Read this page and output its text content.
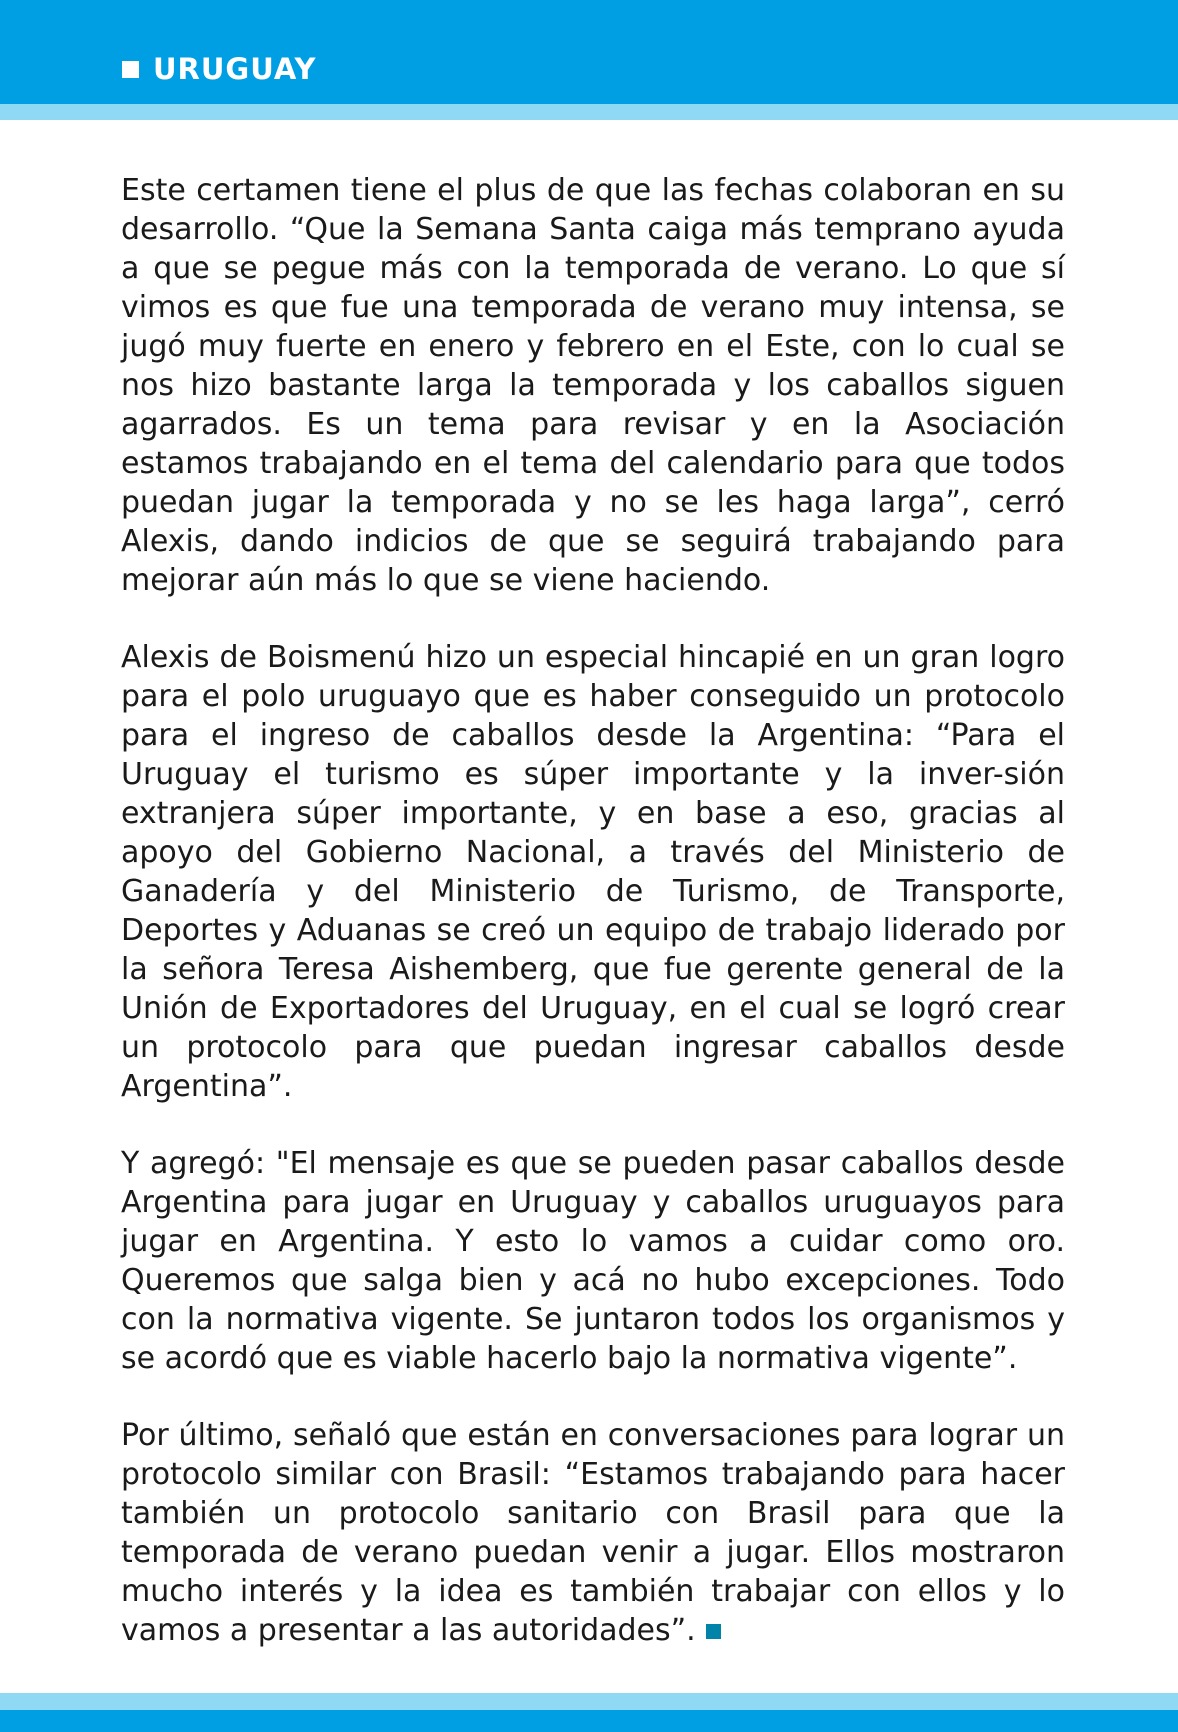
URUGUAY

Este certamen tiene el plus de que las fechas colaboran en su desarrollo. “Que la Semana Santa caiga más temprano ayuda a que se pegue más con la temporada de verano. Lo que sí vimos es que fue una temporada de verano muy intensa, se jugó muy fuerte en enero y febrero en el Este, con lo cual se nos hizo bastante larga la temporada y los caballos siguen agarrados. Es un tema para revisar y en la Asociación estamos trabajando en el tema del calendario para que todos puedan jugar la temporada y no se les haga larga”, cerró Alexis, dando indicios de que se seguirá trabajando para mejorar aún más lo que se viene haciendo.

Alexis de Boismenú hizo un especial hincapié en un gran logro para el polo uruguayo que es haber conseguido un protocolo para el ingreso de caballos desde la Argentina: “Para el Uruguay el turismo es súper importante y la inver-sión extranjera súper importante, y en base a eso, gracias al apoyo del Gobierno Nacional, a través del Ministerio de Ganadería y del Ministerio de Turismo, de Transporte, Deportes y Aduanas se creó un equipo de trabajo liderado por la señora Teresa Aishemberg, que fue gerente general de la Unión de Exportadores del Uruguay, en el cual se logró crear un protocolo para que puedan ingresar caballos desde Argentina”.

Y agregó: "El mensaje es que se pueden pasar caballos desde Argentina para jugar en Uruguay y caballos uruguayos para jugar en Argentina. Y esto lo vamos a cuidar como oro. Queremos que salga bien y acá no hubo excepciones. Todo con la normativa vigente. Se juntaron todos los organismos y se acordó que es viable hacerlo bajo la normativa vigente”.

Por último, señaló que están en conversaciones para lograr un protocolo similar con Brasil: “Estamos trabajando para hacer también un protocolo sanitario con Brasil para que la temporada de verano puedan venir a jugar. Ellos mostraron mucho interés y la idea es también trabajar con ellos y lo vamos a presentar a las autoridades”.
